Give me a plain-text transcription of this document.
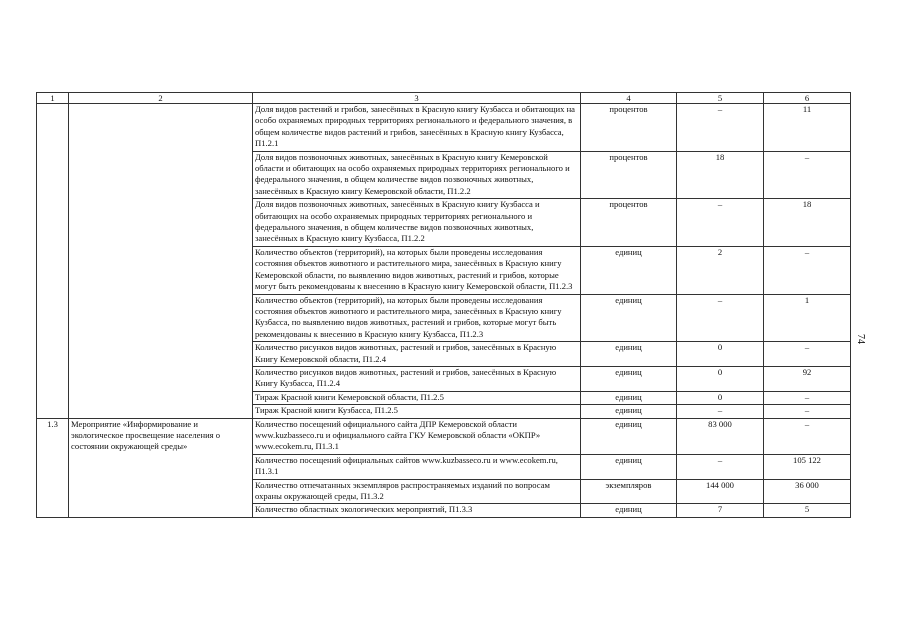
1	2	3	4	5	6
		Доля видов растений и грибов, занесённых в Красную книгу Кузбасса и обитающих на особо охраняемых природных территориях регионального и федерального значения, в общем количестве видов растений и грибов, занесённых в Красную книгу Кузбасса, П1.2.1	процентов	–	11
		Доля видов позвоночных животных, занесённых в Красную книгу Кемеровской области и обитающих на особо охраняемых природных территориях регионального и федерального значения, в общем количестве видов позвоночных животных, занесённых в Красную книгу Кемеровской области, П1.2.2	процентов	18	–
		Доля видов позвоночных животных, занесённых в Красную книгу Кузбасса и обитающих на особо охраняемых природных территориях регионального и федерального значения, в общем количестве видов позвоночных животных, занесённых в Красную книгу Кузбасса, П1.2.2	процентов	–	18
		Количество объектов (территорий), на которых были проведены исследования состояния объектов животного и растительного мира, занесённых в Красную книгу Кемеровской области, по выявлению видов животных, растений и грибов, которые могут быть рекомендованы к внесению в Красную книгу Кемеровской области, П1.2.3	единиц	2	–
		Количество объектов (территорий), на которых были проведены исследования состояния объектов животного и растительного мира, занесённых в Красную книгу Кузбасса, по выявлению видов животных, растений и грибов, которые могут быть рекомендованы к внесению в Красную книгу Кузбасса, П1.2.3	единиц	–	1
		Количество рисунков видов животных, растений и грибов, занесённых в Красную Книгу Кемеровской области, П1.2.4	единиц	0	–
		Количество рисунков видов животных, растений и грибов, занесённых в Красную Книгу Кузбасса, П1.2.4	единиц	0	92
		Тираж Красной книги Кемеровской области, П1.2.5	единиц	0	–
		Тираж Красной книги Кузбасса, П1.2.5	единиц	–	–
1.3	Мероприятие «Информирование и экологическое просвещение населения о состоянии окружающей среды»	Количество посещений официального сайта ДПР Кемеровской области www.kuzbasseco.ru и официального сайта ГКУ Кемеровской области «ОКПР» www.ecokem.ru, П1.3.1	единиц	83 000	–
		Количество посещений официальных сайтов www.kuzbasseco.ru и www.ecokem.ru, П1.3.1	единиц	–	105 122
		Количество отпечатанных экземпляров распространяемых изданий по вопросам охраны окружающей среды, П1.3.2	экземпляров	144 000	36 000
		Количество областных экологических мероприятий, П1.3.3	единиц	7	5
74
